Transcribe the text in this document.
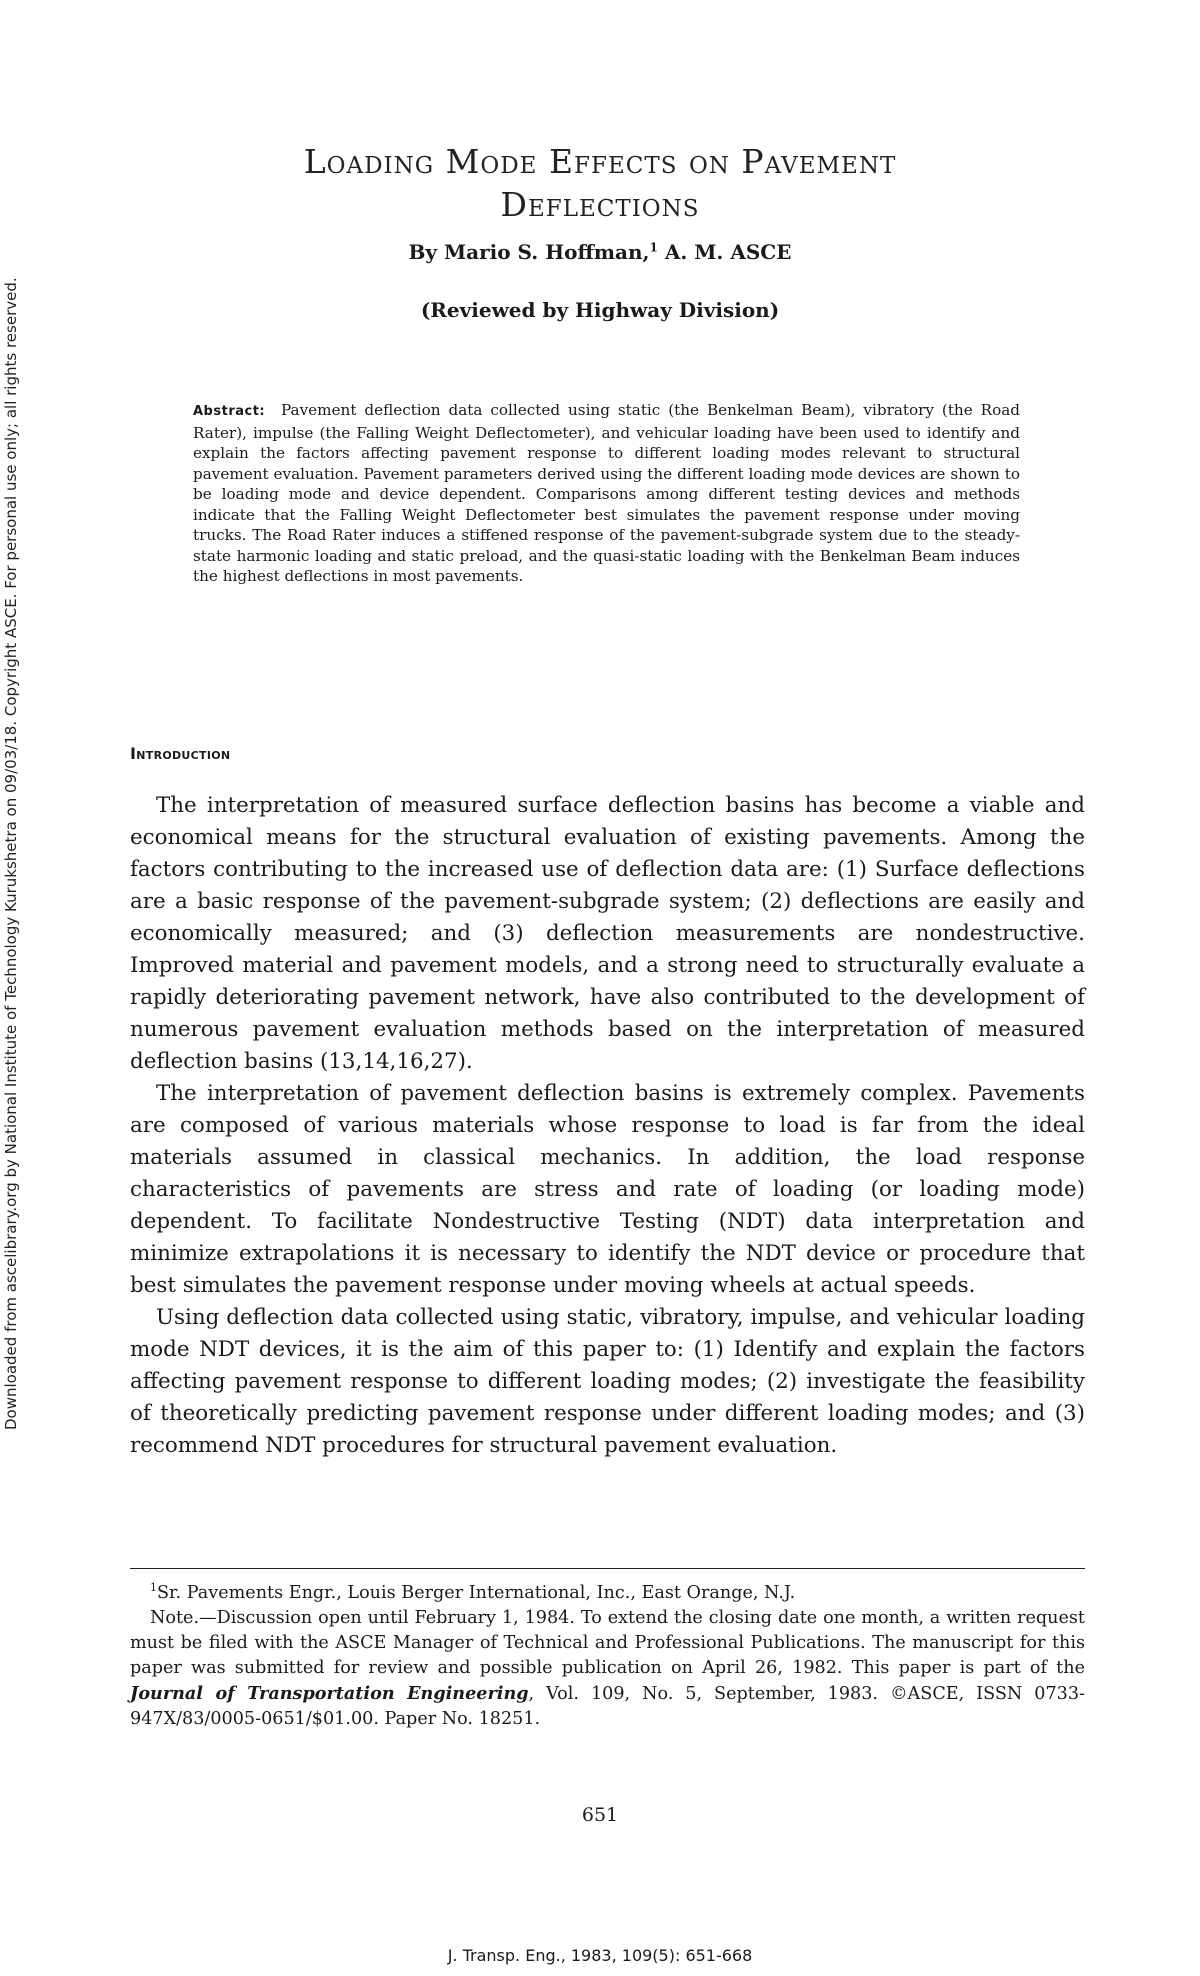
Downloaded from ascelibrary.org by National Institute of Technology Kurukshetra on 09/03/18. Copyright ASCE. For personal use only; all rights reserved.
Loading Mode Effects on Pavement
Deflections
By Mario S. Hoffman,$^1$ A. M. ASCE
(Reviewed by Highway Division)
Abstract: Pavement deflection data collected using static (the Benkelman Beam), vibratory (the Road Rater), impulse (the Falling Weight Deflectometer), and vehicular loading have been used to identify and explain the factors affecting pavement response to different loading modes relevant to structural pavement evaluation. Pavement parameters derived using the different loading mode devices are shown to be loading mode and device dependent. Comparisons among different testing devices and methods indicate that the Falling Weight Deflectometer best simulates the pavement response under moving trucks. The Road Rater induces a stiffened response of the pavement-subgrade system due to the steady-state harmonic loading and static preload, and the quasi-static loading with the Benkelman Beam induces the highest deflections in most pavements.
Introduction

The interpretation of measured surface deflection basins has become a viable and economical means for the structural evaluation of existing pavements. Among the factors contributing to the increased use of deflection data are: (1) Surface deflections are a basic response of the pavement-subgrade system; (2) deflections are easily and economically measured; and (3) deflection measurements are nondestructive. Improved material and pavement models, and a strong need to structurally evaluate a rapidly deteriorating pavement network, have also contributed to the development of numerous pavement evaluation methods based on the interpretation of measured deflection basins (13,14,16,27).

The interpretation of pavement deflection basins is extremely complex. Pavements are composed of various materials whose response to load is far from the ideal materials assumed in classical mechanics. In addition, the load response characteristics of pavements are stress and rate of loading (or loading mode) dependent. To facilitate Nondestructive Testing (NDT) data interpretation and minimize extrapolations it is necessary to identify the NDT device or procedure that best simulates the pavement response under moving wheels at actual speeds.

Using deflection data collected using static, vibratory, impulse, and vehicular loading mode NDT devices, it is the aim of this paper to: (1) Identify and explain the factors affecting pavement response to different loading modes; (2) investigate the feasibility of theoretically predicting pavement response under different loading modes; and (3) recommend NDT procedures for structural pavement evaluation.

$^1$Sr. Pavements Engr., Louis Berger International, Inc., East Orange, N.J.

Note.—Discussion open until February 1, 1984. To extend the closing date one month, a written request must be filed with the ASCE Manager of Technical and Professional Publications. The manuscript for this paper was submitted for review and possible publication on April 26, 1982. This paper is part of the Journal of Transportation Engineering, Vol. 109, No. 5, September, 1983. ©ASCE, ISSN 0733-947X/83/0005-0651/$01.00. Paper No. 18251.

651
J. Transp. Eng., 1983, 109(5): 651-668
